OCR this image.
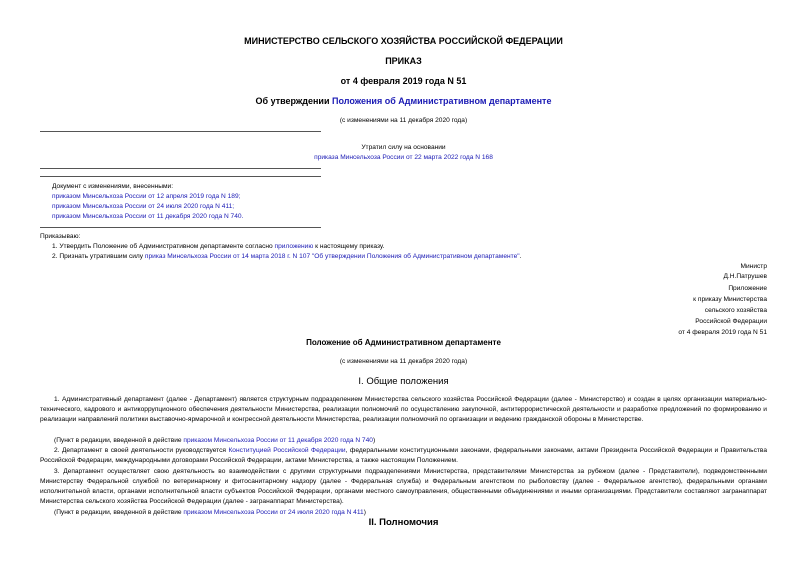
МИНИСТЕРСТВО СЕЛЬСКОГО ХОЗЯЙСТВА РОССИЙСКОЙ ФЕДЕРАЦИИ
ПРИКАЗ
от 4 февраля 2019 года N 51
Об утверждении Положения об Административном департаменте
(с изменениями на 11 декабря 2020 года)
Утратил силу на основании
приказа Минсельхоза России от 22 марта 2022 года N 168
Документ с изменениями, внесенными:
приказом Минсельхоза России от 12 апреля 2019 года N 189;
приказом Минсельхоза России от 24 июля 2020 года N 411;
приказом Минсельхоза России от 11 декабря 2020 года N 740.
Приказываю:
1. Утвердить Положение об Административном департаменте согласно приложению к настоящему приказу.
2. Признать утратившим силу приказ Минсельхоза России от 14 марта 2018 г. N 107 "Об утверждении Положения об Административном департаменте".
Министр
Д.Н.Патрушев
Приложение
к приказу Министерства
сельского хозяйства
Российской Федерации
от 4 февраля 2019 года N 51
Положение об Административном департаменте
(с изменениями на 11 декабря 2020 года)
I. Общие положения
1. Административный департамент (далее - Департамент) является структурным подразделением Министерства сельского хозяйства Российской Федерации (далее - Министерство) и создан в целях организации материально-технического, кадрового и антикоррупционного обеспечения деятельности Министерства, реализации полномочий по осуществлению закупочной, антитеррористической деятельности и разработке предложений по формированию и реализации направлений политики выставочно-ярмарочной и конгрессной деятельности Министерства, реализации полномочий по организации и ведению гражданской обороны в Министерстве.
(Пункт в редакции, введенной в действие приказом Минсельхоза России от 11 декабря 2020 года N 740)
2. Департамент в своей деятельности руководствуется Конституцией Российской Федерации, федеральными конституционными законами, федеральными законами, актами Президента Российской Федерации и Правительства Российской Федерации, международными договорами Российской Федерации, актами Министерства, а также настоящим Положением.
3. Департамент осуществляет свою деятельность во взаимодействии с другими структурными подразделениями Министерства, представителями Министерства за рубежом (далее - Представители), подведомственными Министерству Федеральной службой по ветеринарному и фитосанитарному надзору (далее - Федеральная служба) и Федеральным агентством по рыболовству (далее - Федеральное агентство), федеральными органами исполнительной власти, органами исполнительной власти субъектов Российской Федерации, органами местного самоуправления, общественными объединениями и иными организациями. Представители составляют загранаппарат Министерства сельского хозяйства Российской Федерации (далее - загранаппарат Министерства).
(Пункт в редакции, введенной в действие приказом Минсельхоза России от 24 июля 2020 года N 411)
II. Полномочия
